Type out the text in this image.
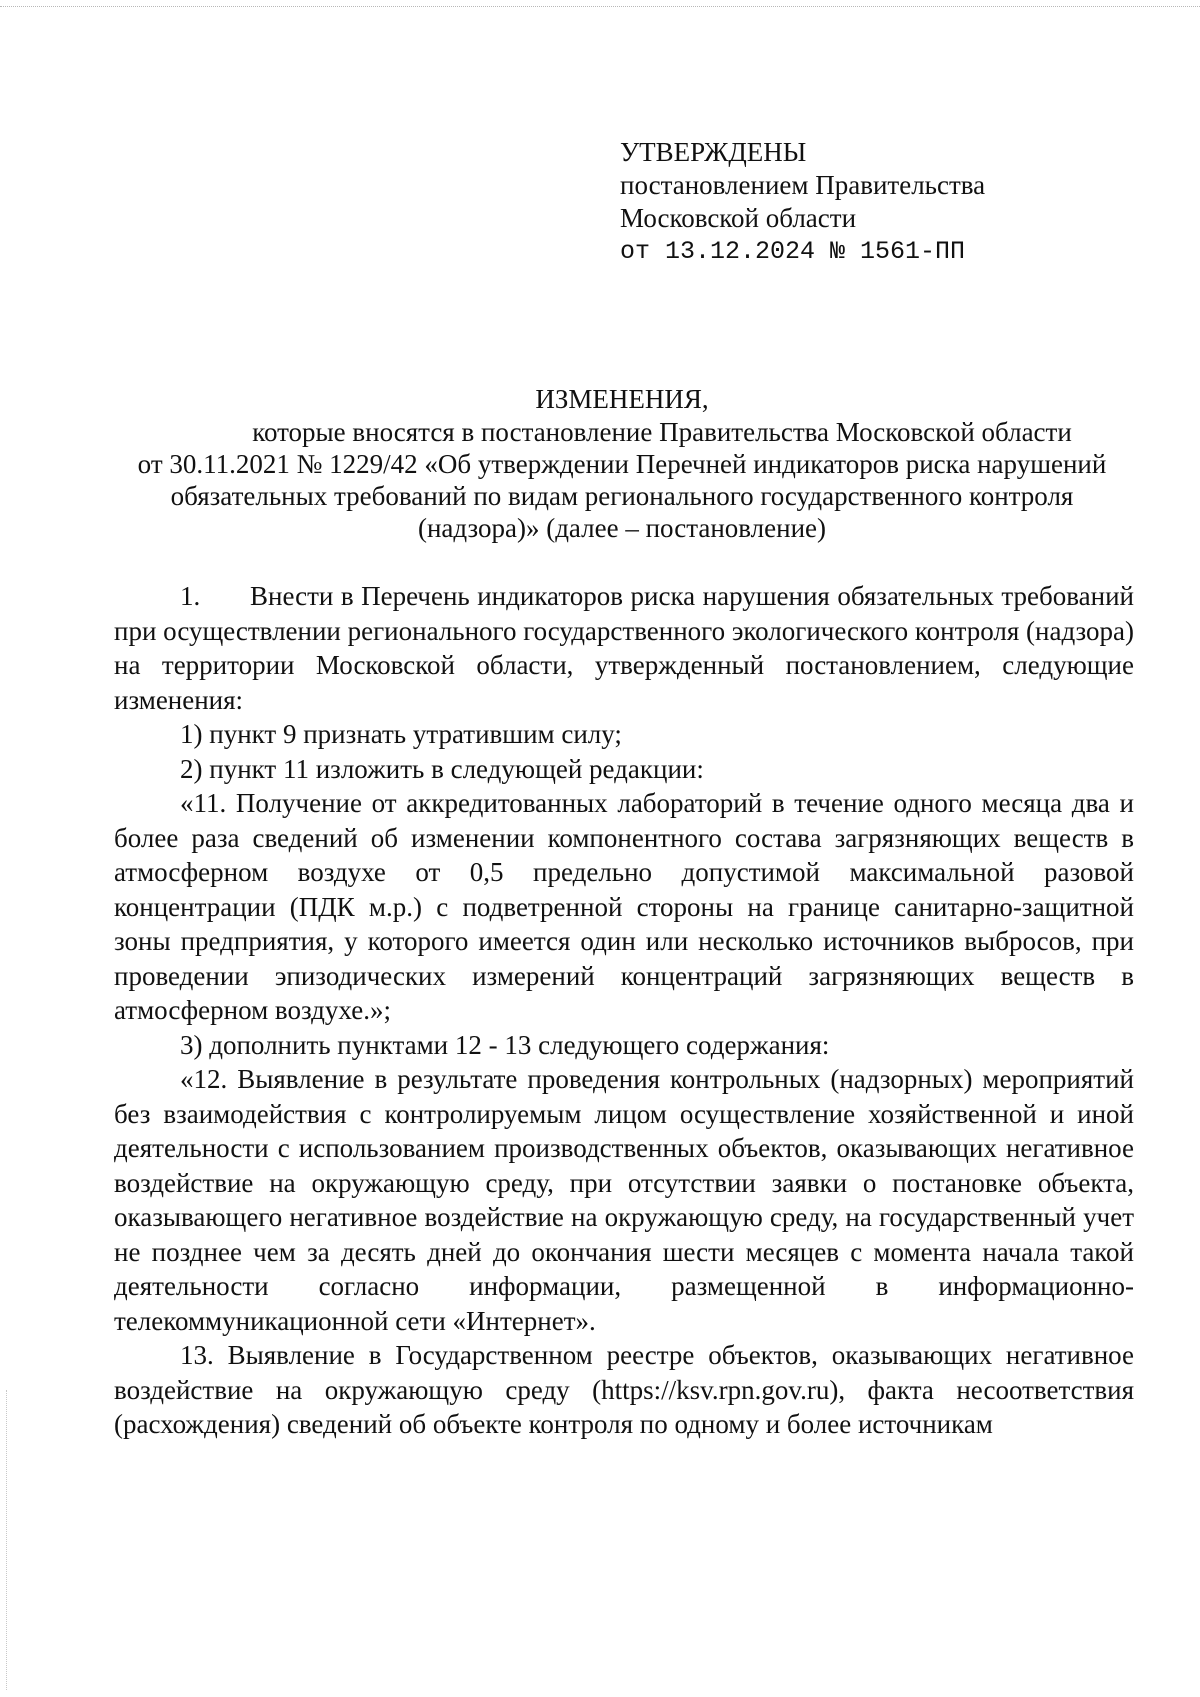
УТВЕРЖДЕНЫ
постановлением Правительства
Московской области
от 13.12.2024 № 1561-ПП
ИЗМЕНЕНИЯ,
которые вносятся в постановление Правительства Московской области
от 30.11.2021 № 1229/42 «Об утверждении Перечней индикаторов риска нарушений
обязательных требований по видам регионального государственного контроля
(надзора)» (далее – постановление)

1. Внести в Перечень индикаторов риска нарушения обязательных требований при осуществлении регионального государственного экологического контроля (надзора) на территории Московской области, утвержденный постановлением, следующие изменения:

1) пункт 9 признать утратившим силу;

2) пункт 11 изложить в следующей редакции:

«11. Получение от аккредитованных лабораторий в течение одного месяца два и более раза сведений об изменении компонентного состава загрязняющих веществ в атмосферном воздухе от 0,5 предельно допустимой максимальной разовой концентрации (ПДК м.р.) с подветренной стороны на границе санитарно-защитной зоны предприятия, у которого имеется один или несколько источников выбросов, при проведении эпизодических измерений концентраций загрязняющих веществ в атмосферном воздухе.»;

3) дополнить пунктами 12 - 13 следующего содержания:

«12. Выявление в результате проведения контрольных (надзорных) мероприятий без взаимодействия с контролируемым лицом осуществление хозяйственной и иной деятельности с использованием производственных объектов, оказывающих негативное воздействие на окружающую среду, при отсутствии заявки о постановке объекта, оказывающего негативное воздействие на окружающую среду, на государственный учет не позднее чем за десять дней до окончания шести месяцев с момента начала такой деятельности согласно информации, размещенной в информационно-телекоммуникационной сети «Интернет».

13. Выявление в Государственном реестре объектов, оказывающих негативное воздействие на окружающую среду (https://ksv.rpn.gov.ru), факта несоответствия (расхождения) сведений об объекте контроля по одному и более источникам
